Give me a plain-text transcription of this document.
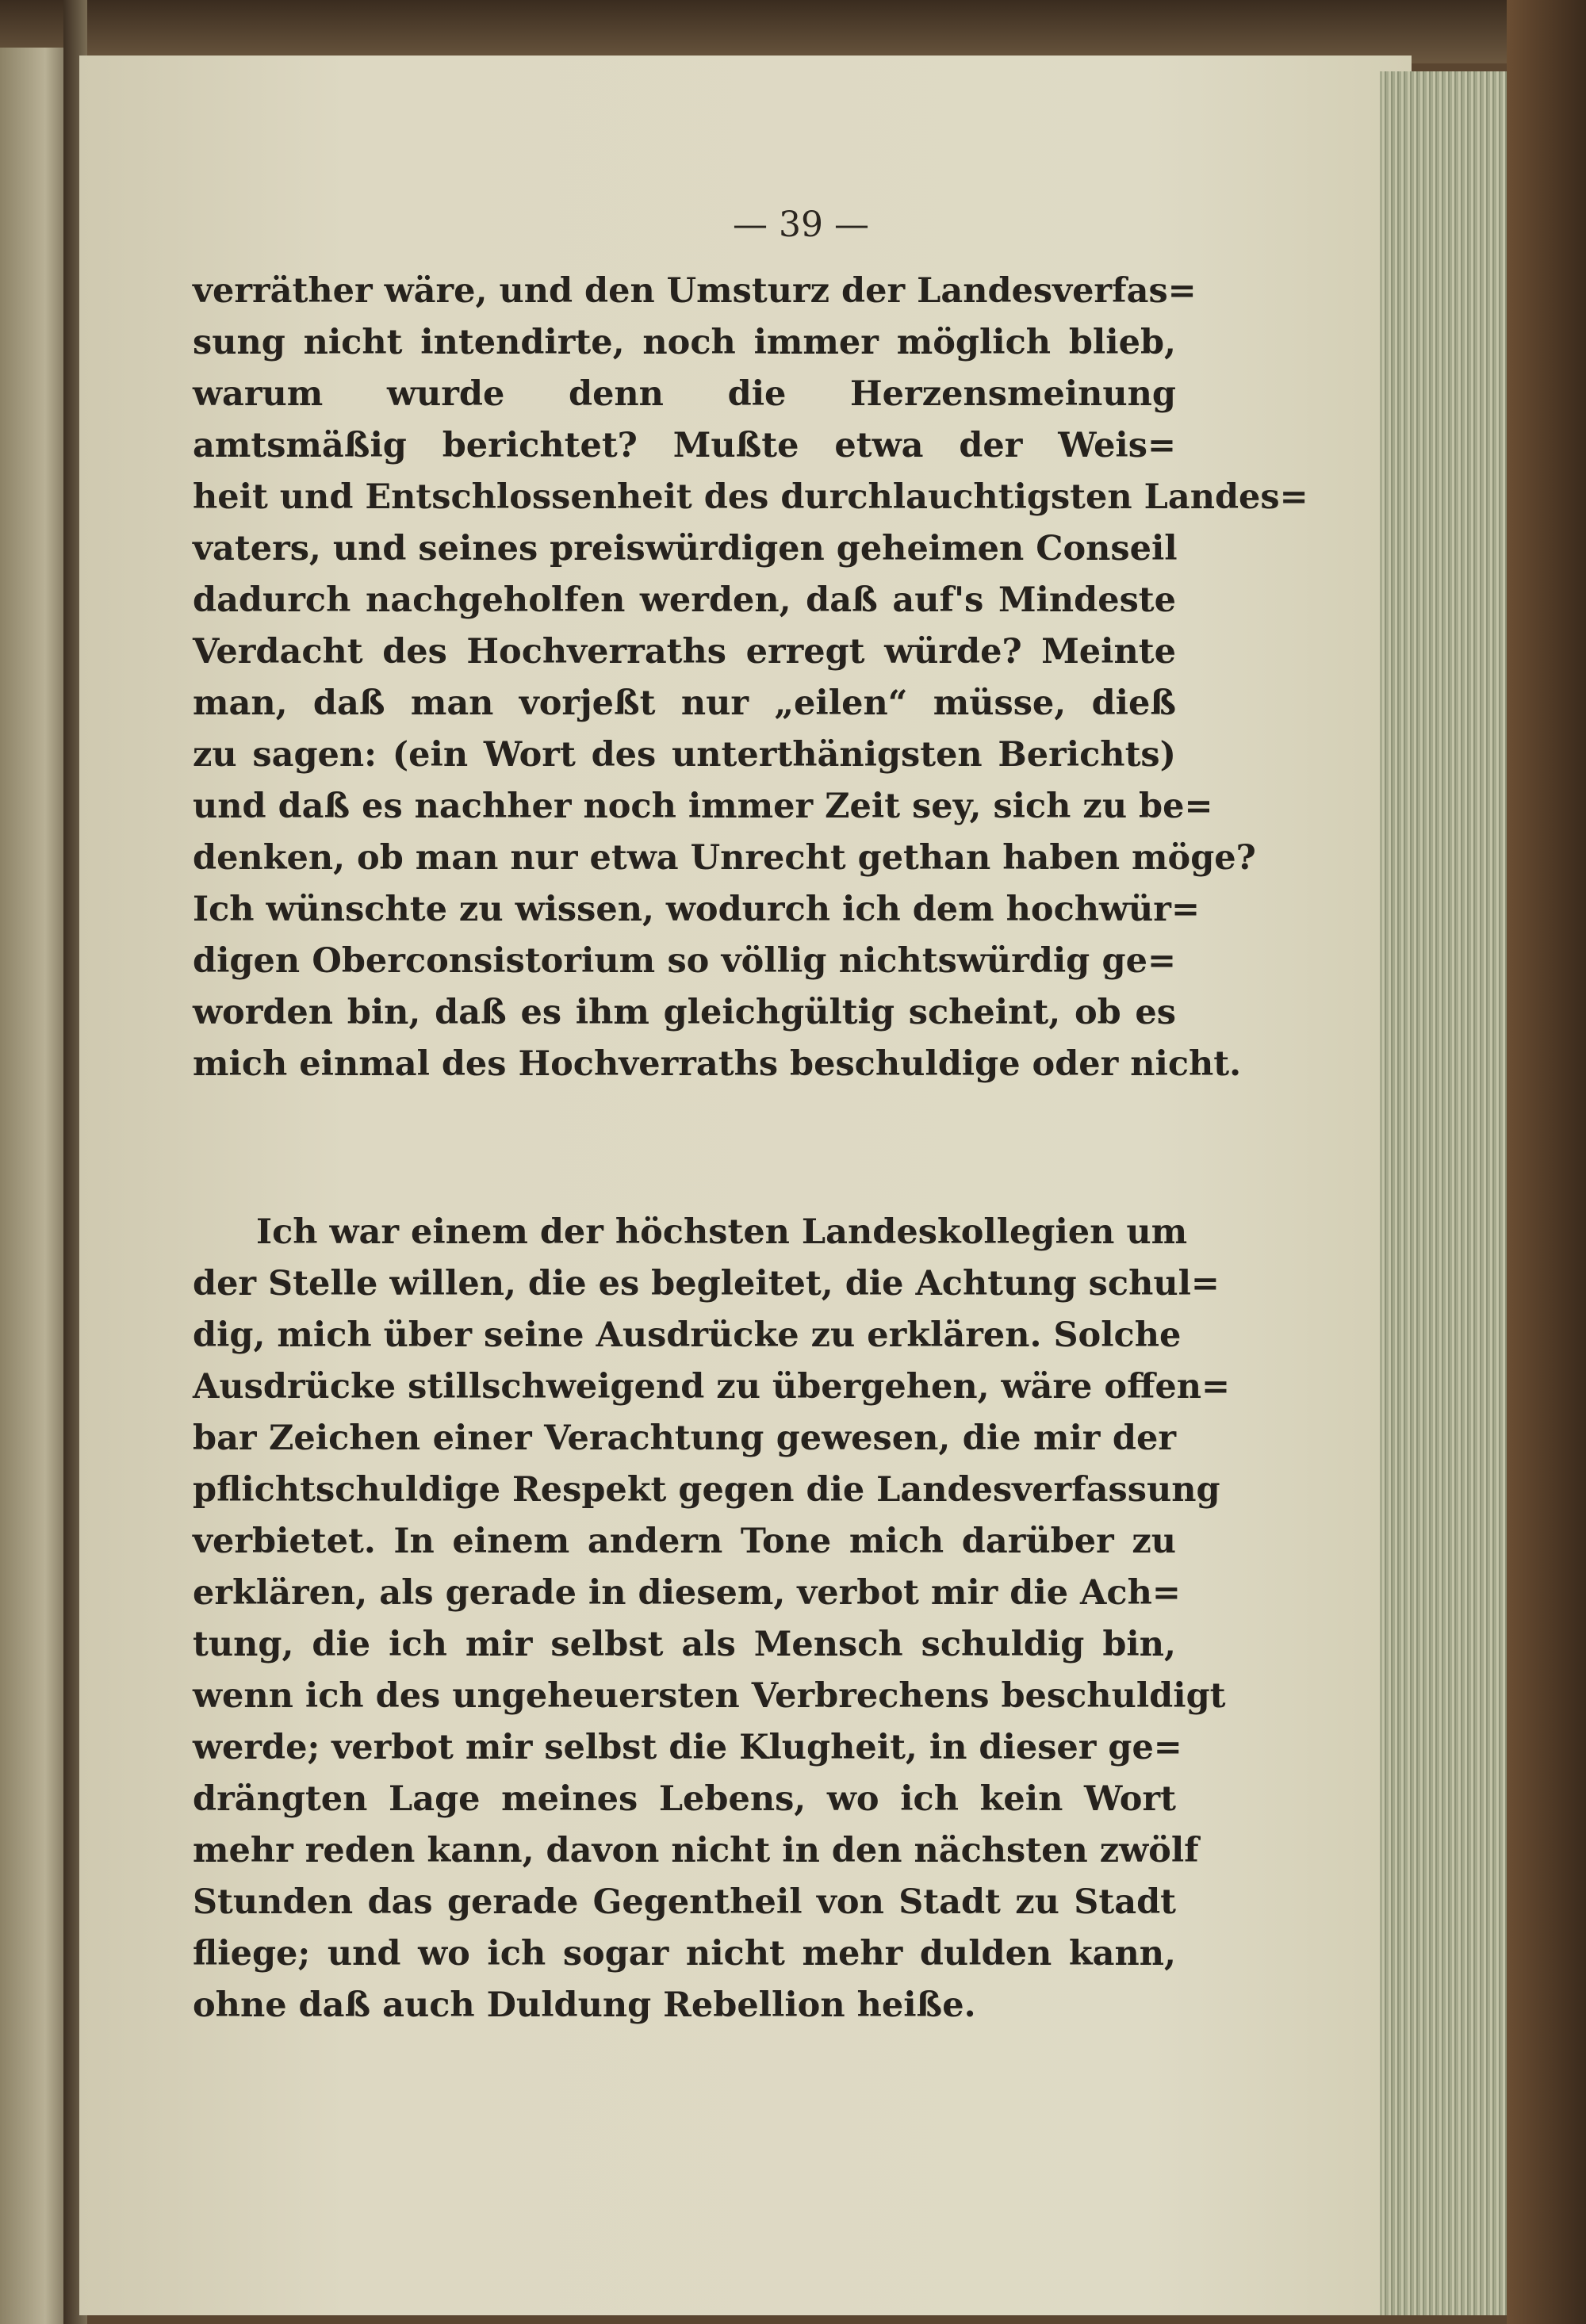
— 39 —
verräther wäre, und den Umsturz der Landesverfas=
sung nicht intendirte, noch immer möglich blieb,
warum wurde denn die Herzensmeinung
amtsmäßig berichtet? Mußte etwa der Weis=
heit und Entschlossenheit des durchlauchtigsten Landes=
vaters, und seines preiswürdigen geheimen Conseil
dadurch nachgeholfen werden, daß auf's Mindeste
Verdacht des Hochverraths erregt würde? Meinte
man, daß man vorjeßt nur „eilen“ müsse, dieß
zu sagen: (ein Wort des unterthänigsten Berichts)
und daß es nachher noch immer Zeit sey, sich zu be=
denken, ob man nur etwa Unrecht gethan haben möge?
Ich wünschte zu wissen, wodurch ich dem hochwür=
digen Oberconsistorium so völlig nichtswürdig ge=
worden bin, daß es ihm gleichgültig scheint, ob es
mich einmal des Hochverraths beschuldige oder nicht.
Ich war einem der höchsten Landeskollegien um
der Stelle willen, die es begleitet, die Achtung schul=
dig, mich über seine Ausdrücke zu erklären. Solche
Ausdrücke stillschweigend zu übergehen, wäre offen=
bar Zeichen einer Verachtung gewesen, die mir der
pflichtschuldige Respekt gegen die Landesverfassung
verbietet. In einem andern Tone mich darüber zu
erklären, als gerade in diesem, verbot mir die Ach=
tung, die ich mir selbst als Mensch schuldig bin,
wenn ich des ungeheuersten Verbrechens beschuldigt
werde; verbot mir selbst die Klugheit, in dieser ge=
drängten Lage meines Lebens, wo ich kein Wort
mehr reden kann, davon nicht in den nächsten zwölf
Stunden das gerade Gegentheil von Stadt zu Stadt
fliege; und wo ich sogar nicht mehr dulden kann,
ohne daß auch Duldung Rebellion heiße.
